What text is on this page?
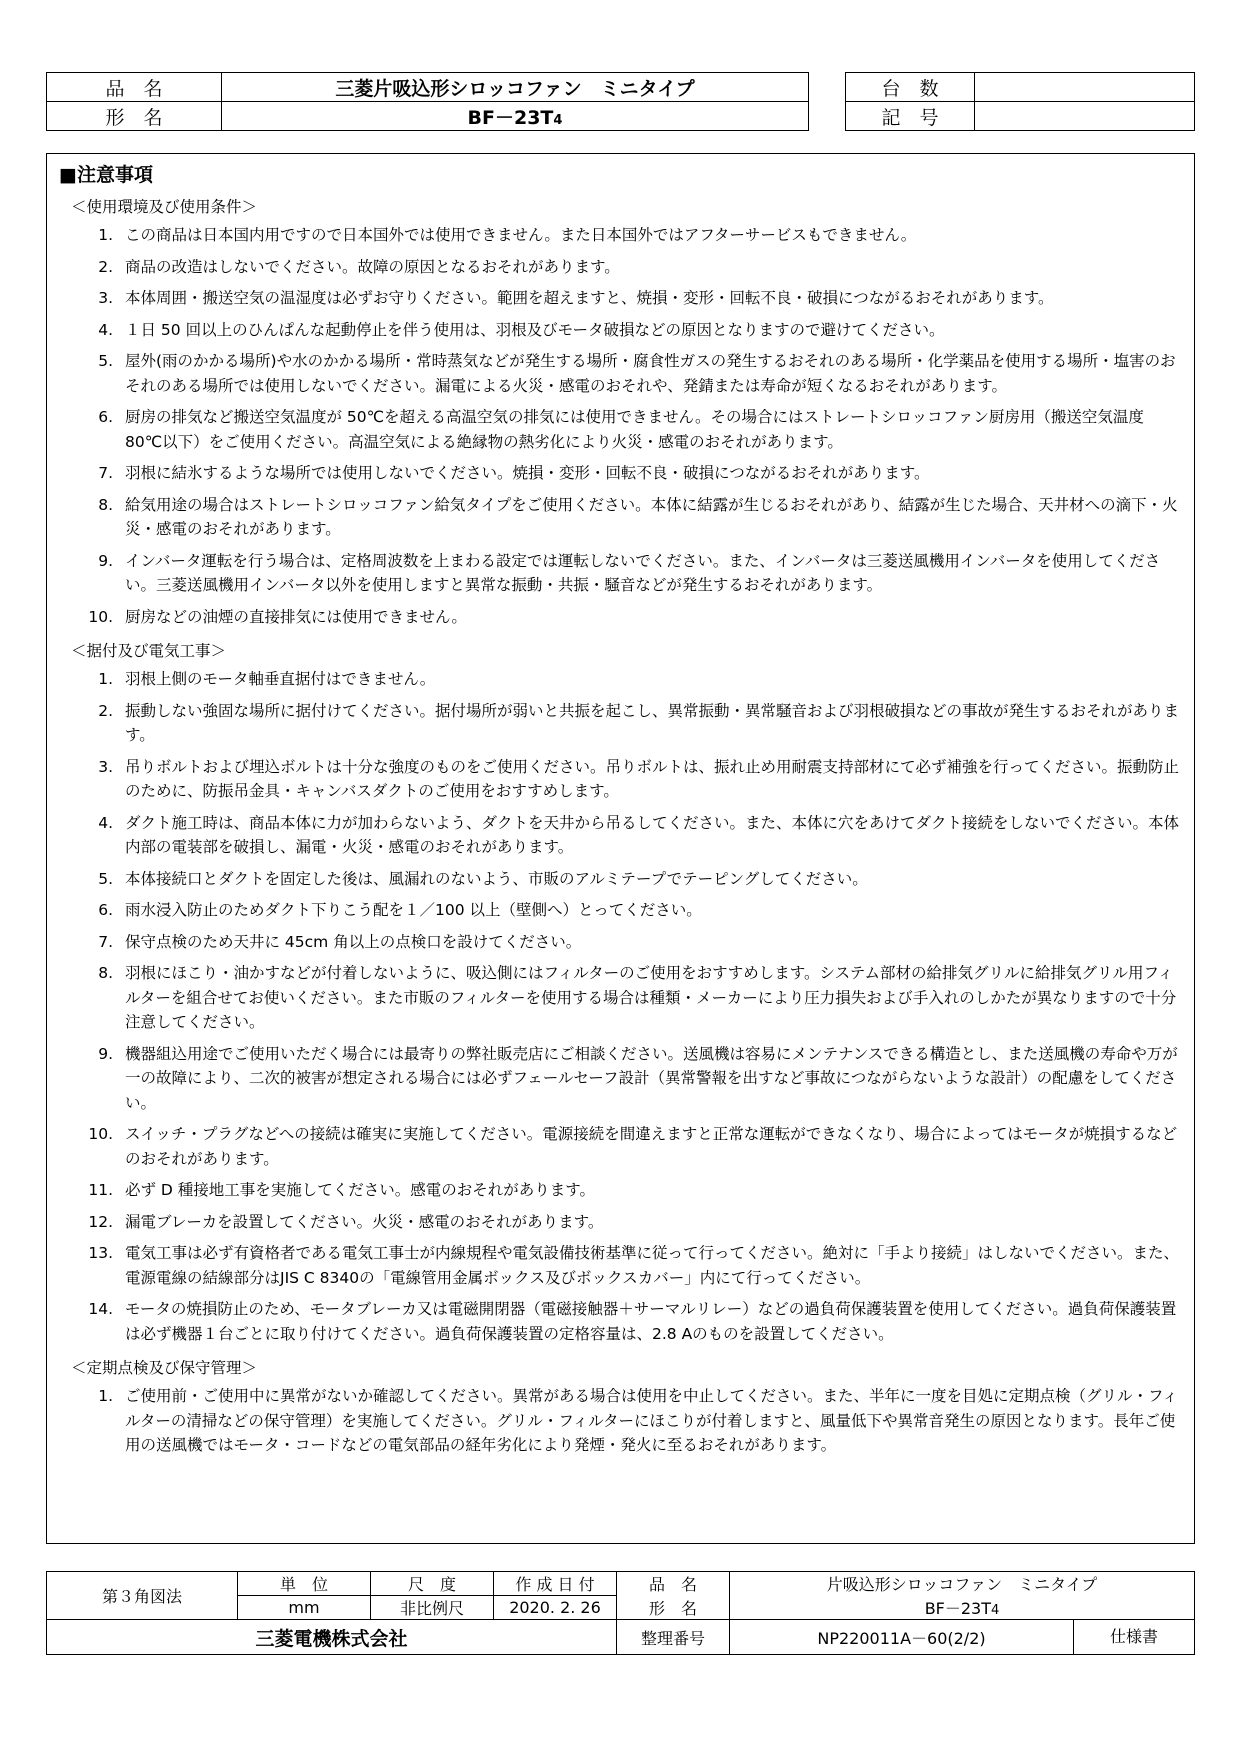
品　名	三菱片吸込形シロッコファン　ミニタイプ
形　名	BF－23T4
台　数	
記　号	
■注意事項
＜使用環境及び使用条件＞
1. この商品は日本国内用ですので日本国外では使用できません。また日本国外ではアフターサービスもできません。
2. 商品の改造はしないでください。故障の原因となるおそれがあります。
3. 本体周囲・搬送空気の温湿度は必ずお守りください。範囲を超えますと、焼損・変形・回転不良・破損につながるおそれがあります。
4. １日 50 回以上のひんぱんな起動停止を伴う使用は、羽根及びモータ破損などの原因となりますので避けてください。
5. 屋外(雨のかかる場所)や水のかかる場所・常時蒸気などが発生する場所・腐食性ガスの発生するおそれのある場所・化学薬品を使用する場所・塩害のおそれのある場所では使用しないでください。漏電による火災・感電のおそれや、発錆または寿命が短くなるおそれがあります。
6. 厨房の排気など搬送空気温度が 50℃を超える高温空気の排気には使用できません。その場合にはストレートシロッコファン厨房用（搬送空気温度 80℃以下）をご使用ください。高温空気による絶縁物の熱劣化により火災・感電のおそれがあります。
7. 羽根に結氷するような場所では使用しないでください。焼損・変形・回転不良・破損につながるおそれがあります。
8. 給気用途の場合はストレートシロッコファン給気タイプをご使用ください。本体に結露が生じるおそれがあり、結露が生じた場合、天井材への滴下・火災・感電のおそれがあります。
9. インバータ運転を行う場合は、定格周波数を上まわる設定では運転しないでください。また、インバータは三菱送風機用インバータを使用してください。三菱送風機用インバータ以外を使用しますと異常な振動・共振・騒音などが発生するおそれがあります。
10. 厨房などの油煙の直接排気には使用できません。
＜据付及び電気工事＞
1. 羽根上側のモータ軸垂直据付はできません。
2. 振動しない強固な場所に据付けてください。据付場所が弱いと共振を起こし、異常振動・異常騒音および羽根破損などの事故が発生するおそれがあります。
3. 吊りボルトおよび埋込ボルトは十分な強度のものをご使用ください。吊りボルトは、振れ止め用耐震支持部材にて必ず補強を行ってください。振動防止のために、防振吊金具・キャンバスダクトのご使用をおすすめします。
4. ダクト施工時は、商品本体に力が加わらないよう、ダクトを天井から吊るしてください。また、本体に穴をあけてダクト接続をしないでください。本体内部の電装部を破損し、漏電・火災・感電のおそれがあります。
5. 本体接続口とダクトを固定した後は、風漏れのないよう、市販のアルミテープでテーピングしてください。
6. 雨水浸入防止のためダクト下りこう配を１／100 以上（壁側へ）とってください。
7. 保守点検のため天井に 45cm 角以上の点検口を設けてください。
8. 羽根にほこり・油かすなどが付着しないように、吸込側にはフィルターのご使用をおすすめします。システム部材の給排気グリルに給排気グリル用フィルターを組合せてお使いください。また市販のフィルターを使用する場合は種類・メーカーにより圧力損失および手入れのしかたが異なりますので十分注意してください。
9. 機器組込用途でご使用いただく場合には最寄りの弊社販売店にご相談ください。送風機は容易にメンテナンスできる構造とし、また送風機の寿命や万が一の故障により、二次的被害が想定される場合には必ずフェールセーフ設計（異常警報を出すなど事故につながらないような設計）の配慮をしてください。
10. スイッチ・プラグなどへの接続は確実に実施してください。電源接続を間違えますと正常な運転ができなくなり、場合によってはモータが焼損するなどのおそれがあります。
11. 必ず D 種接地工事を実施してください。感電のおそれがあります。
12. 漏電ブレーカを設置してください。火災・感電のおそれがあります。
13. 電気工事は必ず有資格者である電気工事士が内線規程や電気設備技術基準に従って行ってください。絶対に「手より接続」はしないでください。また、電源電線の結線部分はJIS C 8340の「電線管用金属ボックス及びボックスカバー」内にて行ってください。
14. モータの焼損防止のため、モータブレーカ又は電磁開閉器（電磁接触器＋サーマルリレー）などの過負荷保護装置を使用してください。過負荷保護装置は必ず機器１台ごとに取り付けてください。過負荷保護装置の定格容量は、2.8 Aのものを設置してください。
＜定期点検及び保守管理＞
1. ご使用前・ご使用中に異常がないか確認してください。異常がある場合は使用を中止してください。また、半年に一度を目処に定期点検（グリル・フィルターの清掃などの保守管理）を実施してください。グリル・フィルターにほこりが付着しますと、風量低下や異常音発生の原因となります。長年ご使用の送風機ではモータ・コードなどの電気部品の経年劣化により発煙・発火に至るおそれがあります。
第３角図法	単　位	尺　度	作 成 日 付	品　名	片吸込形シロッコファン　ミニタイプ
	mm	非比例尺	2020. 2. 26	形　名	BF－23T4
三菱電機株式会社				整理番号	NP220011A－60(2/2) 仕様書
